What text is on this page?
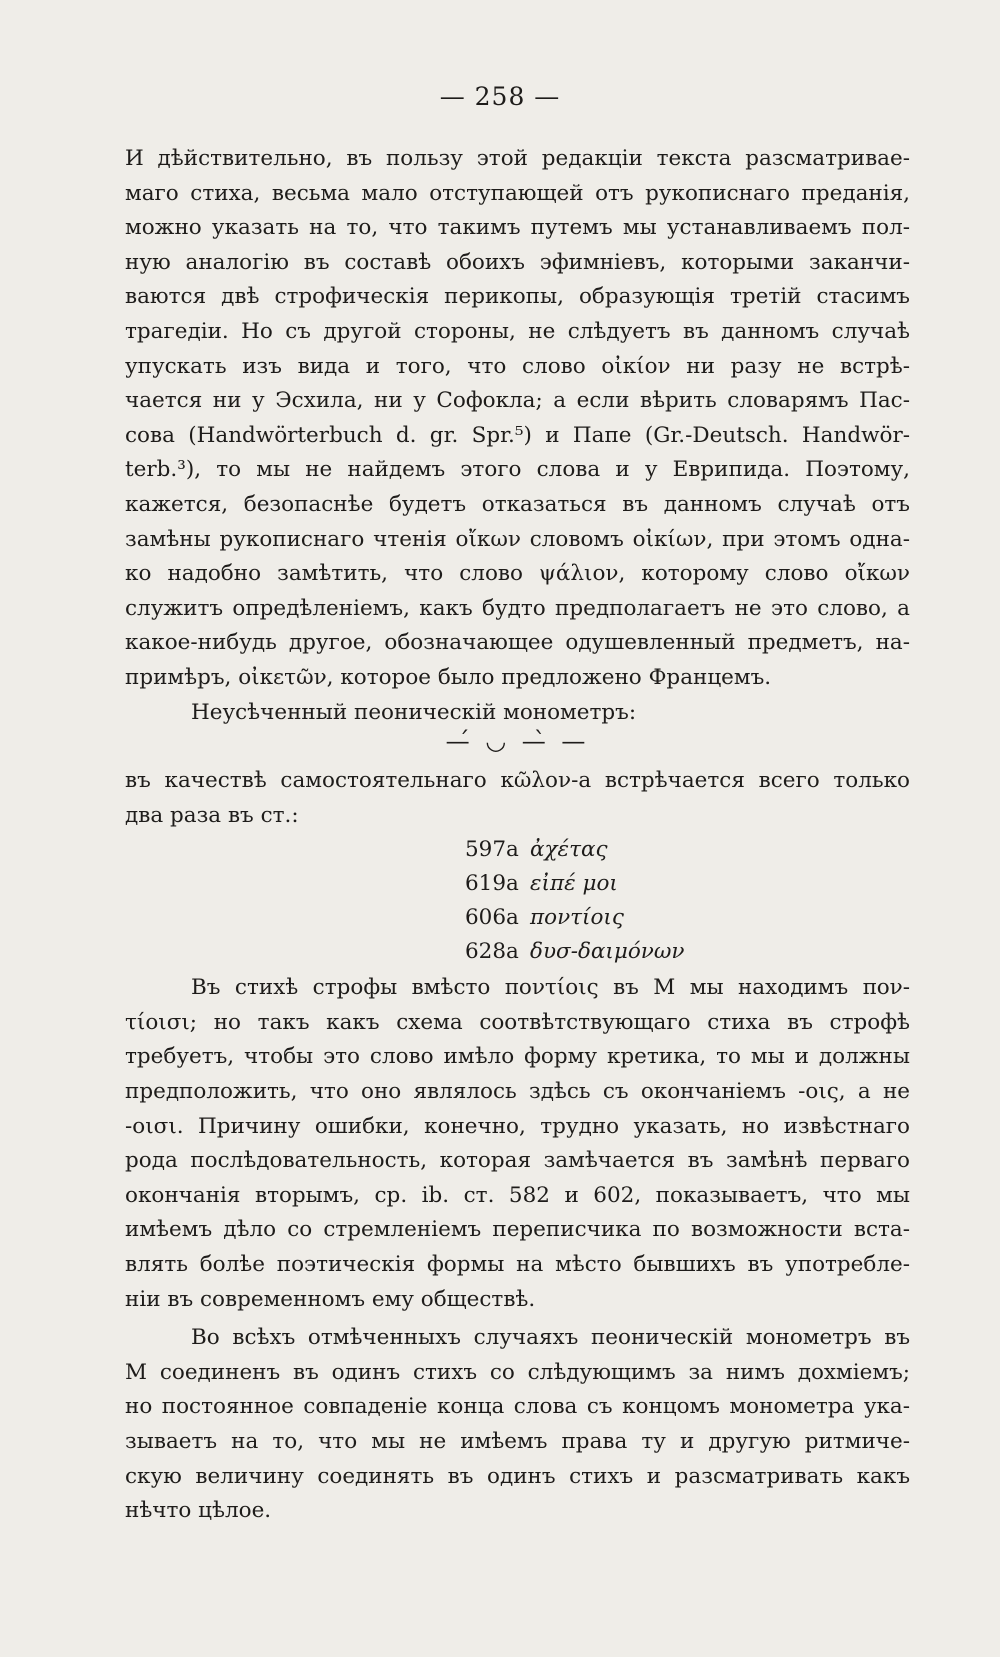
— 258 —
И дѣйствительно, въ пользу этой редакціи текста разсматривае-
маго стиха, весьма мало отступающей отъ рукописнаго преданія,
можно указать на то, что такимъ путемъ мы устанавливаемъ пол-
ную аналогію въ составѣ обоихъ эфимніевъ, которыми заканчи-
ваются двѣ строфическія перикопы, образующія третій стасимъ
трагедіи. Но съ другой стороны, не слѣдуетъ въ данномъ случаѣ
упускать изъ вида и того, что слово οἰκίον ни разу не встрѣ-
чается ни у Эсхила, ни у Софокла; а если вѣрить словарямъ Пас-
сова (Handwörterbuch d. gr. Spr.⁵) и Папе (Gr.-Deutsch. Handwör-
terb.³), то мы не найдемъ этого слова и у Еврипида. Поэтому,
кажется, безопаснѣе будетъ отказаться въ данномъ случаѣ отъ
замѣны рукописнаго чтенія οἴκων словомъ οἰκίων, при этомъ одна-
ко надобно замѣтить, что слово ψάλιον, которому слово οἴκων
служитъ опредѣленіемъ, какъ будто предполагаетъ не это слово, а
какое-нибудь другое, обозначающее одушевленный предметъ, на-
примѣръ, οἰκετῶν, которое было предложено Францемъ.
Неусѣченный пеоническій монометръ:
—́ ◡ —̀ —
въ качествѣ самостоятельнаго κῶλον-а встрѣчается всего только
два раза въ ст.:
597a ἀχέτας
619a εἰπέ μοι
606a ποντίοις
628a δυσ-δαιμόνων
Въ стихѣ строфы вмѣсто ποντίοις въ М мы находимъ πον-
τίοισι; но такъ какъ схема соотвѣтствующаго стиха въ строфѣ
требуетъ, чтобы это слово имѣло форму кретика, то мы и должны
предположить, что оно являлось здѣсь съ окончаніемъ -οις, а не
-οισι. Причину ошибки, конечно, трудно указать, но извѣстнаго
рода послѣдовательность, которая замѣчается въ замѣнѣ перваго
окончанія вторымъ, ср. ib. ст. 582 и 602, показываетъ, что мы
имѣемъ дѣло со стремленіемъ переписчика по возможности вста-
влять болѣе поэтическія формы на мѣсто бывшихъ въ употребле-
ніи въ современномъ ему обществѣ.
Во всѣхъ отмѣченныхъ случаяхъ пеоническій монометръ въ
М соединенъ въ одинъ стихъ со слѣдующимъ за нимъ дохміемъ;
но постоянное совпаденіе конца слова съ концомъ монометра ука-
зываетъ на то, что мы не имѣемъ права ту и другую ритмиче-
скую величину соединять въ одинъ стихъ и разсматривать какъ
нѣчто цѣлое.
